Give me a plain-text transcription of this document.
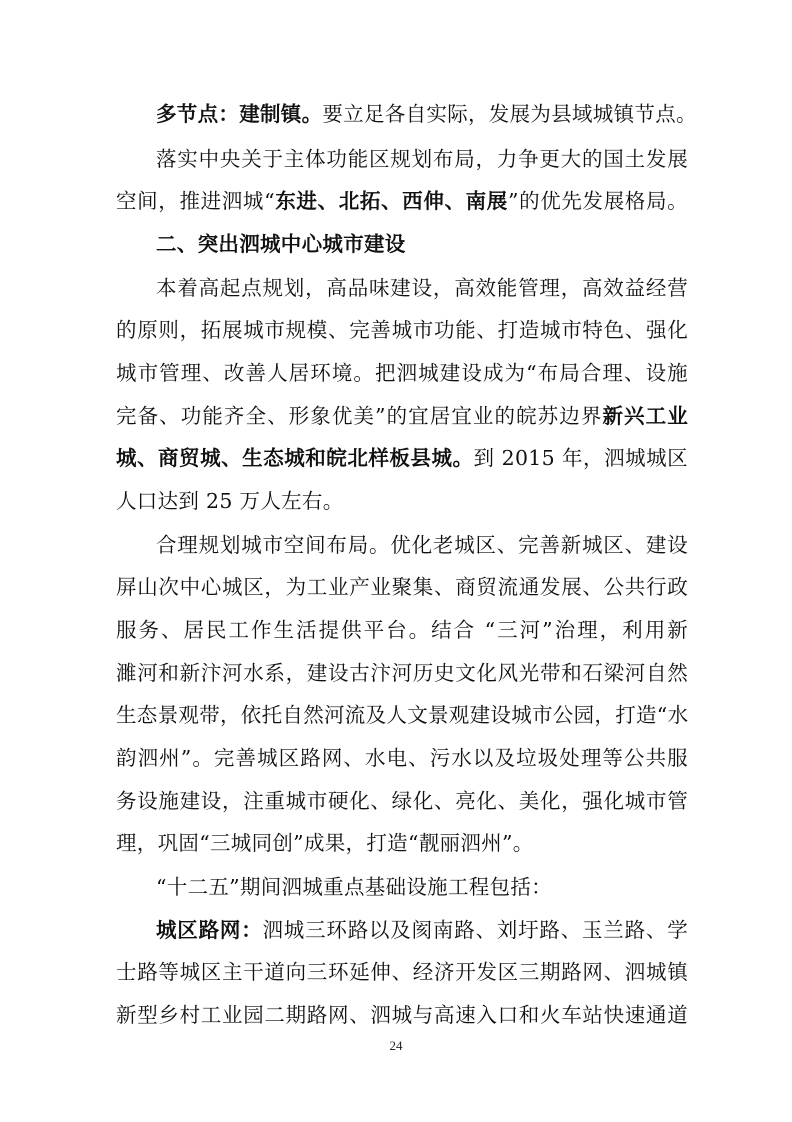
多节点：建制镇。要立足各自实际，发展为县域城镇节点。
落实中央关于主体功能区规划布局，力争更大的国土发展
空间，推进泗城“东进、北拓、西伸、南展”的优先发展格局。
二、突出泗城中心城市建设
本着高起点规划，高品味建设，高效能管理，高效益经营
的原则，拓展城市规模、完善城市功能、打造城市特色、强化
城市管理、改善人居环境。把泗城建设成为“布局合理、设施
完备、功能齐全、形象优美”的宜居宜业的皖苏边界新兴工业
城、商贸城、生态城和皖北样板县城。到 2015 年，泗城城区
人口达到 25 万人左右。
合理规划城市空间布局。优化老城区、完善新城区、建设
屏山次中心城区，为工业产业聚集、商贸流通发展、公共行政
服务、居民工作生活提供平台。结合 “三河”治理，利用新
濉河和新汴河水系，建设古汴河历史文化风光带和石梁河自然
生态景观带，依托自然河流及人文景观建设城市公园，打造“水
韵泗州”。完善城区路网、水电、污水以及垃圾处理等公共服
务设施建设，注重城市硬化、绿化、亮化、美化，强化城市管
理，巩固“三城同创”成果，打造“靓丽泗州”。
“十二五”期间泗城重点基础设施工程包括：
城区路网：泗城三环路以及阂南路、刘圩路、玉兰路、学
士路等城区主干道向三环延伸、经济开发区三期路网、泗城镇
新型乡村工业园二期路网、泗城与高速入口和火车站快速通道
24
